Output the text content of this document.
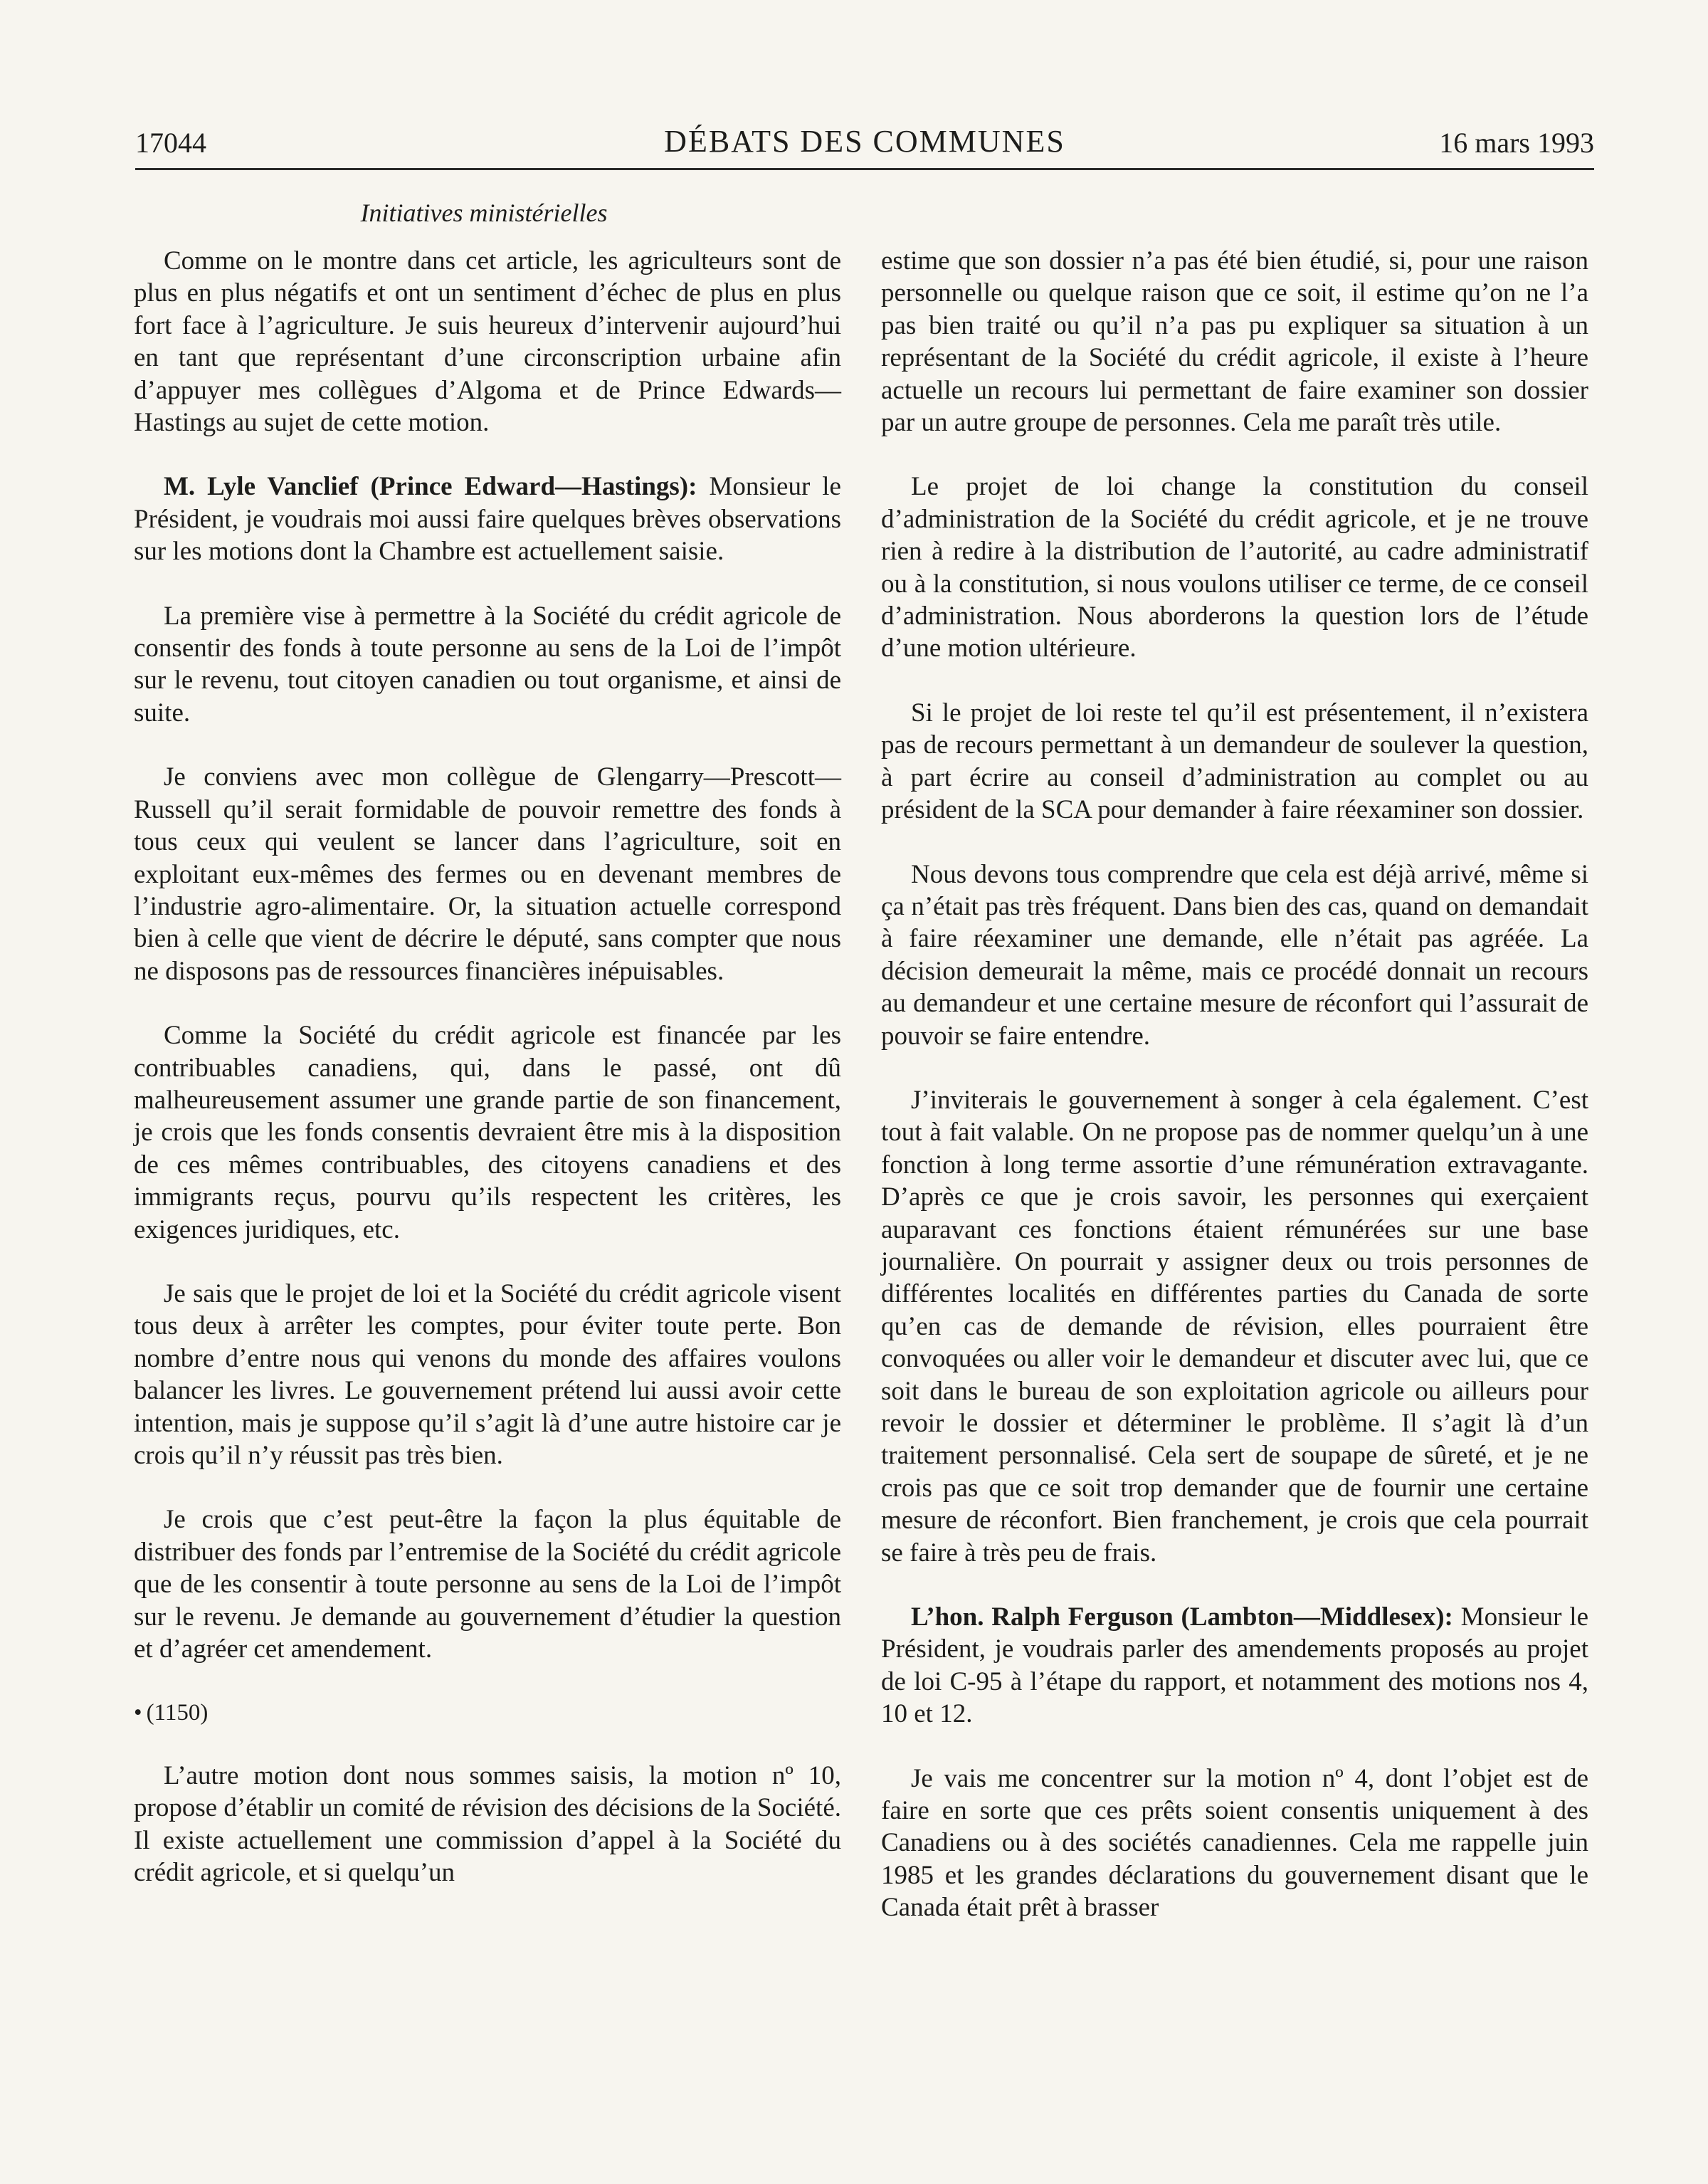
17044	DÉBATS DES COMMUNES	16 mars 1993
Initiatives ministérielles

Comme on le montre dans cet article, les agriculteurs sont de plus en plus négatifs et ont un sentiment d’échec de plus en plus fort face à l’agriculture. Je suis heureux d’intervenir aujourd’hui en tant que représentant d’une circonscription urbaine afin d’appuyer mes collègues d’Algoma et de Prince Edwards—Hastings au sujet de cette motion.

M. Lyle Vanclief (Prince Edward—Hastings): Monsieur le Président, je voudrais moi aussi faire quelques brèves observations sur les motions dont la Chambre est actuellement saisie.

La première vise à permettre à la Société du crédit agricole de consentir des fonds à toute personne au sens de la Loi de l’impôt sur le revenu, tout citoyen canadien ou tout organisme, et ainsi de suite.

Je conviens avec mon collègue de Glengarry—Prescott—Russell qu’il serait formidable de pouvoir remettre des fonds à tous ceux qui veulent se lancer dans l’agriculture, soit en exploitant eux-mêmes des fermes ou en devenant membres de l’industrie agro-alimentaire. Or, la situation actuelle correspond bien à celle que vient de décrire le député, sans compter que nous ne disposons pas de ressources financières inépuisables.

Comme la Société du crédit agricole est financée par les contribuables canadiens, qui, dans le passé, ont dû malheureusement assumer une grande partie de son financement, je crois que les fonds consentis devraient être mis à la disposition de ces mêmes contribuables, des citoyens canadiens et des immigrants reçus, pourvu qu’ils respectent les critères, les exigences juridiques, etc.

Je sais que le projet de loi et la Société du crédit agricole visent tous deux à arrêter les comptes, pour éviter toute perte. Bon nombre d’entre nous qui venons du monde des affaires voulons balancer les livres. Le gouvernement prétend lui aussi avoir cette intention, mais je suppose qu’il s’agit là d’une autre histoire car je crois qu’il n’y réussit pas très bien.

Je crois que c’est peut-être la façon la plus équitable de distribuer des fonds par l’entremise de la Société du crédit agricole que de les consentir à toute personne au sens de la Loi de l’impôt sur le revenu. Je demande au gouvernement d’étudier la question et d’agréer cet amendement.

• (1150)

L’autre motion dont nous sommes saisis, la motion nº 10, propose d’établir un comité de révision des décisions de la Société. Il existe actuellement une commission d’appel à la Société du crédit agricole, et si quelqu’un

estime que son dossier n’a pas été bien étudié, si, pour une raison personnelle ou quelque raison que ce soit, il estime qu’on ne l’a pas bien traité ou qu’il n’a pas pu expliquer sa situation à un représentant de la Société du crédit agricole, il existe à l’heure actuelle un recours lui permettant de faire examiner son dossier par un autre groupe de personnes. Cela me paraît très utile.

Le projet de loi change la constitution du conseil d’administration de la Société du crédit agricole, et je ne trouve rien à redire à la distribution de l’autorité, au cadre administratif ou à la constitution, si nous voulons utiliser ce terme, de ce conseil d’administration. Nous aborderons la question lors de l’étude d’une motion ultérieure.

Si le projet de loi reste tel qu’il est présentement, il n’existera pas de recours permettant à un demandeur de soulever la question, à part écrire au conseil d’administration au complet ou au président de la SCA pour demander à faire réexaminer son dossier.

Nous devons tous comprendre que cela est déjà arrivé, même si ça n’était pas très fréquent. Dans bien des cas, quand on demandait à faire réexaminer une demande, elle n’était pas agréée. La décision demeurait la même, mais ce procédé donnait un recours au demandeur et une certaine mesure de réconfort qui l’assurait de pouvoir se faire entendre.

J’inviterais le gouvernement à songer à cela également. C’est tout à fait valable. On ne propose pas de nommer quelqu’un à une fonction à long terme assortie d’une rémunération extravagante. D’après ce que je crois savoir, les personnes qui exerçaient auparavant ces fonctions étaient rémunérées sur une base journalière. On pourrait y assigner deux ou trois personnes de différentes localités en différentes parties du Canada de sorte qu’en cas de demande de révision, elles pourraient être convoquées ou aller voir le demandeur et discuter avec lui, que ce soit dans le bureau de son exploitation agricole ou ailleurs pour revoir le dossier et déterminer le problème. Il s’agit là d’un traitement personnalisé. Cela sert de soupape de sûreté, et je ne crois pas que ce soit trop demander que de fournir une certaine mesure de réconfort. Bien franchement, je crois que cela pourrait se faire à très peu de frais.

L’hon. Ralph Ferguson (Lambton—Middlesex): Monsieur le Président, je voudrais parler des amendements proposés au projet de loi C-95 à l’étape du rapport, et notamment des motions nos 4, 10 et 12.

Je vais me concentrer sur la motion nº 4, dont l’objet est de faire en sorte que ces prêts soient consentis uniquement à des Canadiens ou à des sociétés canadiennes. Cela me rappelle juin 1985 et les grandes déclarations du gouvernement disant que le Canada était prêt à brasser
